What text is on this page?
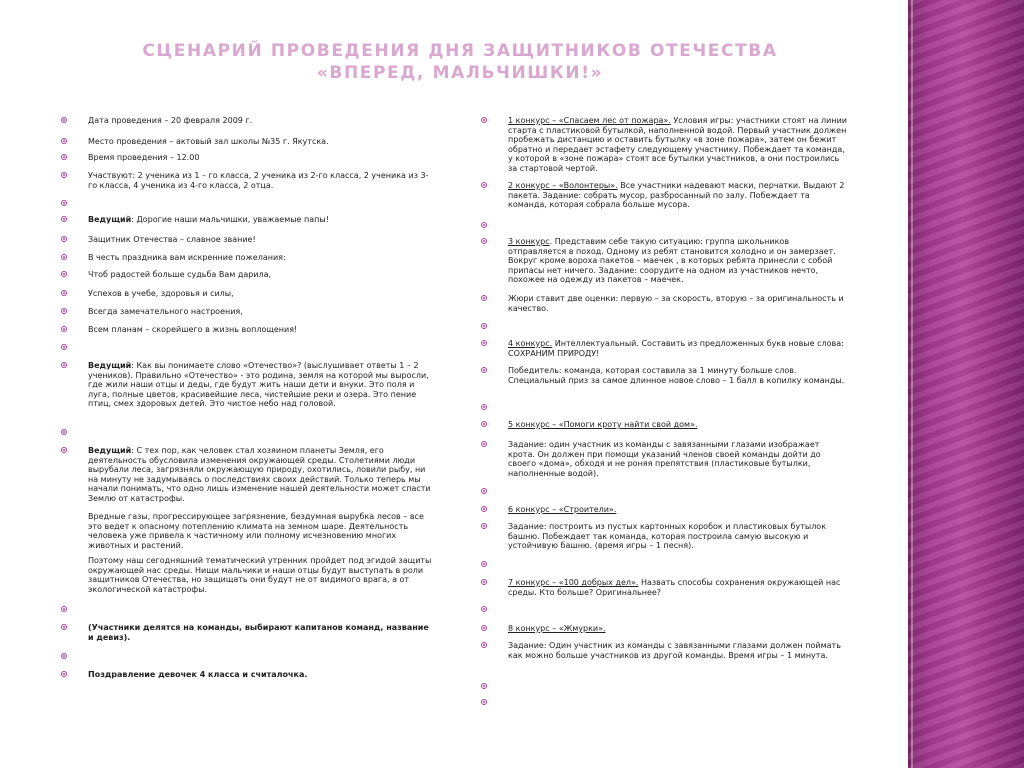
СЦЕНАРИЙ ПРОВЕДЕНИЯ ДНЯ ЗАЩИТНИКОВ ОТЕЧЕСТВА
«ВПЕРЕД, МАЛЬЧИШКИ!»
Дата проведения – 20 февраля 2009 г.
Место проведения – актовый зал школы №35 г. Якутска.
Время проведения – 12.00
Участвуют: 2 ученика из 1 – го класса, 2 ученика из 2-го класса, 2 ученика из 3-го класса, 4 ученика из 4-го класса, 2 отца.
Ведущий: Дорогие наши мальчишки, уважаемые папы!
Защитник Отечества – славное звание!
В честь праздника вам искренние пожелания:
Чтоб радостей больше судьба Вам дарила,
Успехов в учебе, здоровья и силы,
Всегда замечательного настроения,
Всем планам – скорейшего в жизнь воплощения!
Ведущий: Как вы понимаете слово «Отечество»? (выслушивает ответы 1 – 2 учеников). Правильно «Отечество» - это родина, земля на которой мы выросли, где жили наши отцы и деды, где будут жить наши дети и внуки. Это поля и луга, полные цветов, красивейшие леса, чистейшие реки и озера. Это пение птиц, смех здоровых детей. Это чистое небо над головой.
Ведущий: С тех пор, как человек стал хозяином планеты Земля, его деятельность обусловила изменения окружающей среды. Столетиями люди вырубали леса, загрязняли окружающую природу, охотились, ловили рыбу, ни на минуту не задумываясь о последствиях своих действий. Только теперь мы начали понимать, что одно лишь изменение нашей деятельности может спасти Землю от катастрофы.
Вредные газы, прогрессирующее загрязнение, бездумная вырубка лесов – все это ведет к опасному потеплению климата на земном шаре. Деятельность человека уже привела к частичному или полному исчезновению многих животных и растений.
Поэтому наш сегодняшний тематический утренник пройдет под эгидой защиты окружающей нас среды. Нищи мальчики и наши отцы будут выступать в роли защитников Отечества, но защищать они будут не от видимого врага, а от экологической катастрофы.
(Участники делятся на команды, выбирают капитанов команд, название и девиз).
Поздравление девочек 4 класса и считалочка.
1 конкурс – «Спасаем лес от пожара». Условия игры: участники стоят на линии старта с пластиковой бутылкой, наполненной водой. Первый участник должен пробежать дистанцию и оставить бутылку «в зоне пожара», затем он бежит обратно и передает эстафету следующему участнику. Побеждает та команда, у которой в «зоне пожара» стоят все бутылки участников, а они построились за стартовой чертой.
2 конкурс – «Волонтеры». Все участники надевают маски, перчатки. Выдают 2 пакета. Задание: собрать мусор, разбросанный по залу. Побеждает та команда, которая собрала больше мусора.
3 конкурс. Представим себе такую ситуацию: группа школьников отправляется в поход. Одному из ребят становится холодно и он замерзает. Вокруг кроме вороха пакетов – маечек , в которых ребята принесли с собой припасы нет ничего. Задание: соорудите на одном из участников нечто, похожее на одежду из пакетов – маечек.
Жюри ставит две оценки: первую – за скорость, вторую – за оригинальность и качество.
4 конкурс. Интеллектуальный. Составить из предложенных букв новые слова: СОХРАНИМ ПРИРОДУ!
Победитель: команда, которая составила за 1 минуту больше слов. Специальный приз за самое длинное новое слово – 1 балл в копилку команды.
5 конкурс – «Помоги кроту найти свой дом».
Задание: один участник из команды с завязанными глазами изображает крота. Он должен при помощи указаний членов своей команды дойти до своего «дома», обходя и не роняя препятствия (пластиковые бутылки, наполненные водой).
6 конкурс – «Строители».
Задание: построить из пустых картонных коробок и пластиковых бутылок башню. Побеждает так команда, которая построила самую высокую и устойчивую башню. (время игры – 1 песня).
7 конкурс – «100 добрых дел». Назвать способы сохранения окружающей нас среды. Кто больше? Оригинальнее?
8 конкурс – «Жмурки».
Задание: Один участник из команды с завязанными глазами должен поймать как можно больше участников из другой команды. Время игры – 1 минута.
